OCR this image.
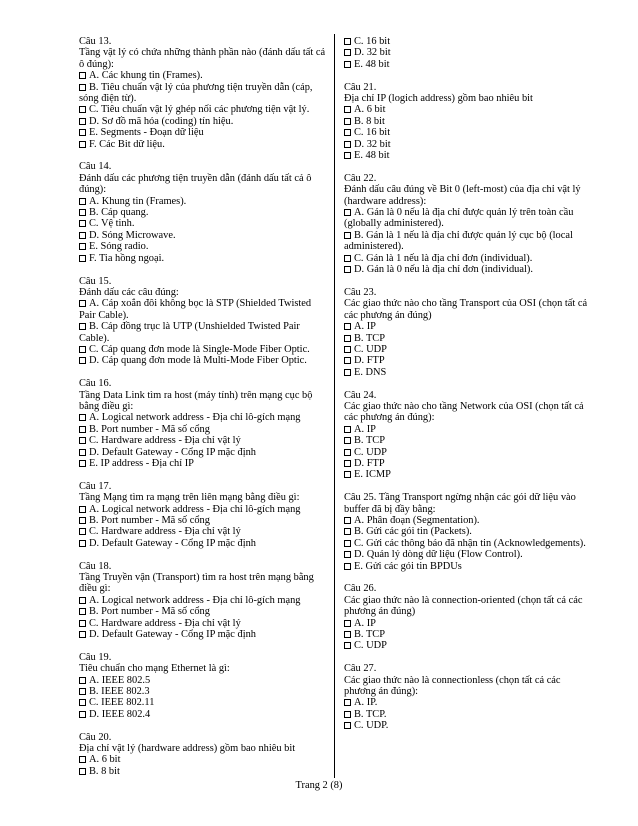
Câu 13.
Tầng vật lý có chứa những thành phần nào (đánh dấu tất cả ô đúng):
A. Các khung tin (Frames).
B. Tiêu chuẩn vật lý của phương tiện truyền dẫn (cáp, sóng điện từ).
C. Tiêu chuẩn vật lý ghép nối các phương tiện vật lý.
D. Sơ đồ mã hóa (coding) tín hiệu.
E. Segments - Đoạn dữ liệu
F. Các Bit dữ liệu.
Câu 14.
Đánh dấu các phương tiện truyền dẫn (đánh dấu tất cả ô đúng):
A. Khung tin (Frames).
B. Cáp quang.
C. Vệ tinh.
D. Sóng Microwave.
E. Sóng radio.
F. Tia hồng ngoại.
Câu 15.
Đánh dấu các câu đúng:
A. Cáp xoắn đôi không bọc là STP (Shielded Twisted Pair Cable).
B. Cáp đồng trục là UTP (Unshielded Twisted Pair Cable).
C. Cáp quang đơn mode là Single-Mode Fiber Optic.
D. Cáp quang đơn mode là Multi-Mode Fiber Optic.
Câu 16.
Tầng Data Link tìm ra host (máy tính) trên mạng cục bộ bằng điều gì:
A. Logical network address - Địa chỉ lô-gích mạng
B. Port number - Mã số cổng
C. Hardware address - Địa chỉ vật lý
D. Default Gateway - Cổng IP mặc định
E. IP address - Địa chỉ IP
Câu 17.
Tầng Mạng tìm ra mạng trên liên mạng bằng điều gì:
A. Logical network address - Địa chỉ lô-gích mạng
B. Port number - Mã số cổng
C. Hardware address - Địa chỉ vật lý
D. Default Gateway - Cổng IP mặc định
Câu 18.
Tầng Truyền vận (Transport) tìm ra host trên mạng bằng điều gì:
A. Logical network address - Địa chỉ lô-gích mạng
B. Port number - Mã số cổng
C. Hardware address - Địa chỉ vật lý
D. Default Gateway - Cổng IP mặc định
Câu 19.
Tiêu chuẩn cho mạng Ethernet là gì:
A. IEEE 802.5
B. IEEE 802.3
C. IEEE 802.11
D. IEEE 802.4
Câu 20.
Địa chỉ vật lý (hardware address) gồm bao nhiêu bit
A. 6 bit
B. 8 bit
C. 16 bit
D. 32 bit
E. 48 bit
Câu 21.
Địa chỉ IP (logich address) gồm bao nhiêu bit
A. 6 bit
B. 8 bit
C. 16 bit
D. 32 bit
E. 48 bit
Câu 22.
Đánh dấu câu đúng về Bit 0 (left-most) của địa chỉ vật lý (hardware address):
A. Gán là 0 nếu là địa chỉ được quản lý trên toàn cầu (globally administered).
B. Gán là 1 nếu là địa chỉ được quản lý cục bộ (local administered).
C. Gán là 1 nếu là địa chỉ đơn (individual).
D. Gán là 0 nếu là địa chỉ đơn (individual).
Câu 23.
Các giao thức nào cho tầng Transport của OSI (chọn tất cả các phương án đúng)
A. IP
B. TCP
C. UDP
D. FTP
E. DNS
Câu 24.
Các giao thức nào cho tầng Network của OSI (chọn tất cả các phương án đúng):
A. IP
B. TCP
C. UDP
D. FTP
E. ICMP
Câu 25. Tầng Transport ngừng nhận các gói dữ liệu vào buffer đã bị đầy bằng:
A. Phân đoạn (Segmentation).
B. Gửi các gói tin (Packets).
C. Gửi các thông báo đã nhận tin (Acknowledgements).
D. Quản lý dòng dữ liệu (Flow Control).
E. Gửi các gói tin BPDUs
Câu 26.
Các giao thức nào là connection-oriented (chọn tất cả các phương án đúng)
A. IP
B. TCP
C. UDP
Câu 27.
Các giao thức nào là connectionless (chọn tất cả các phương án đúng):
A. IP.
B. TCP.
C. UDP.
Trang 2 (8)
